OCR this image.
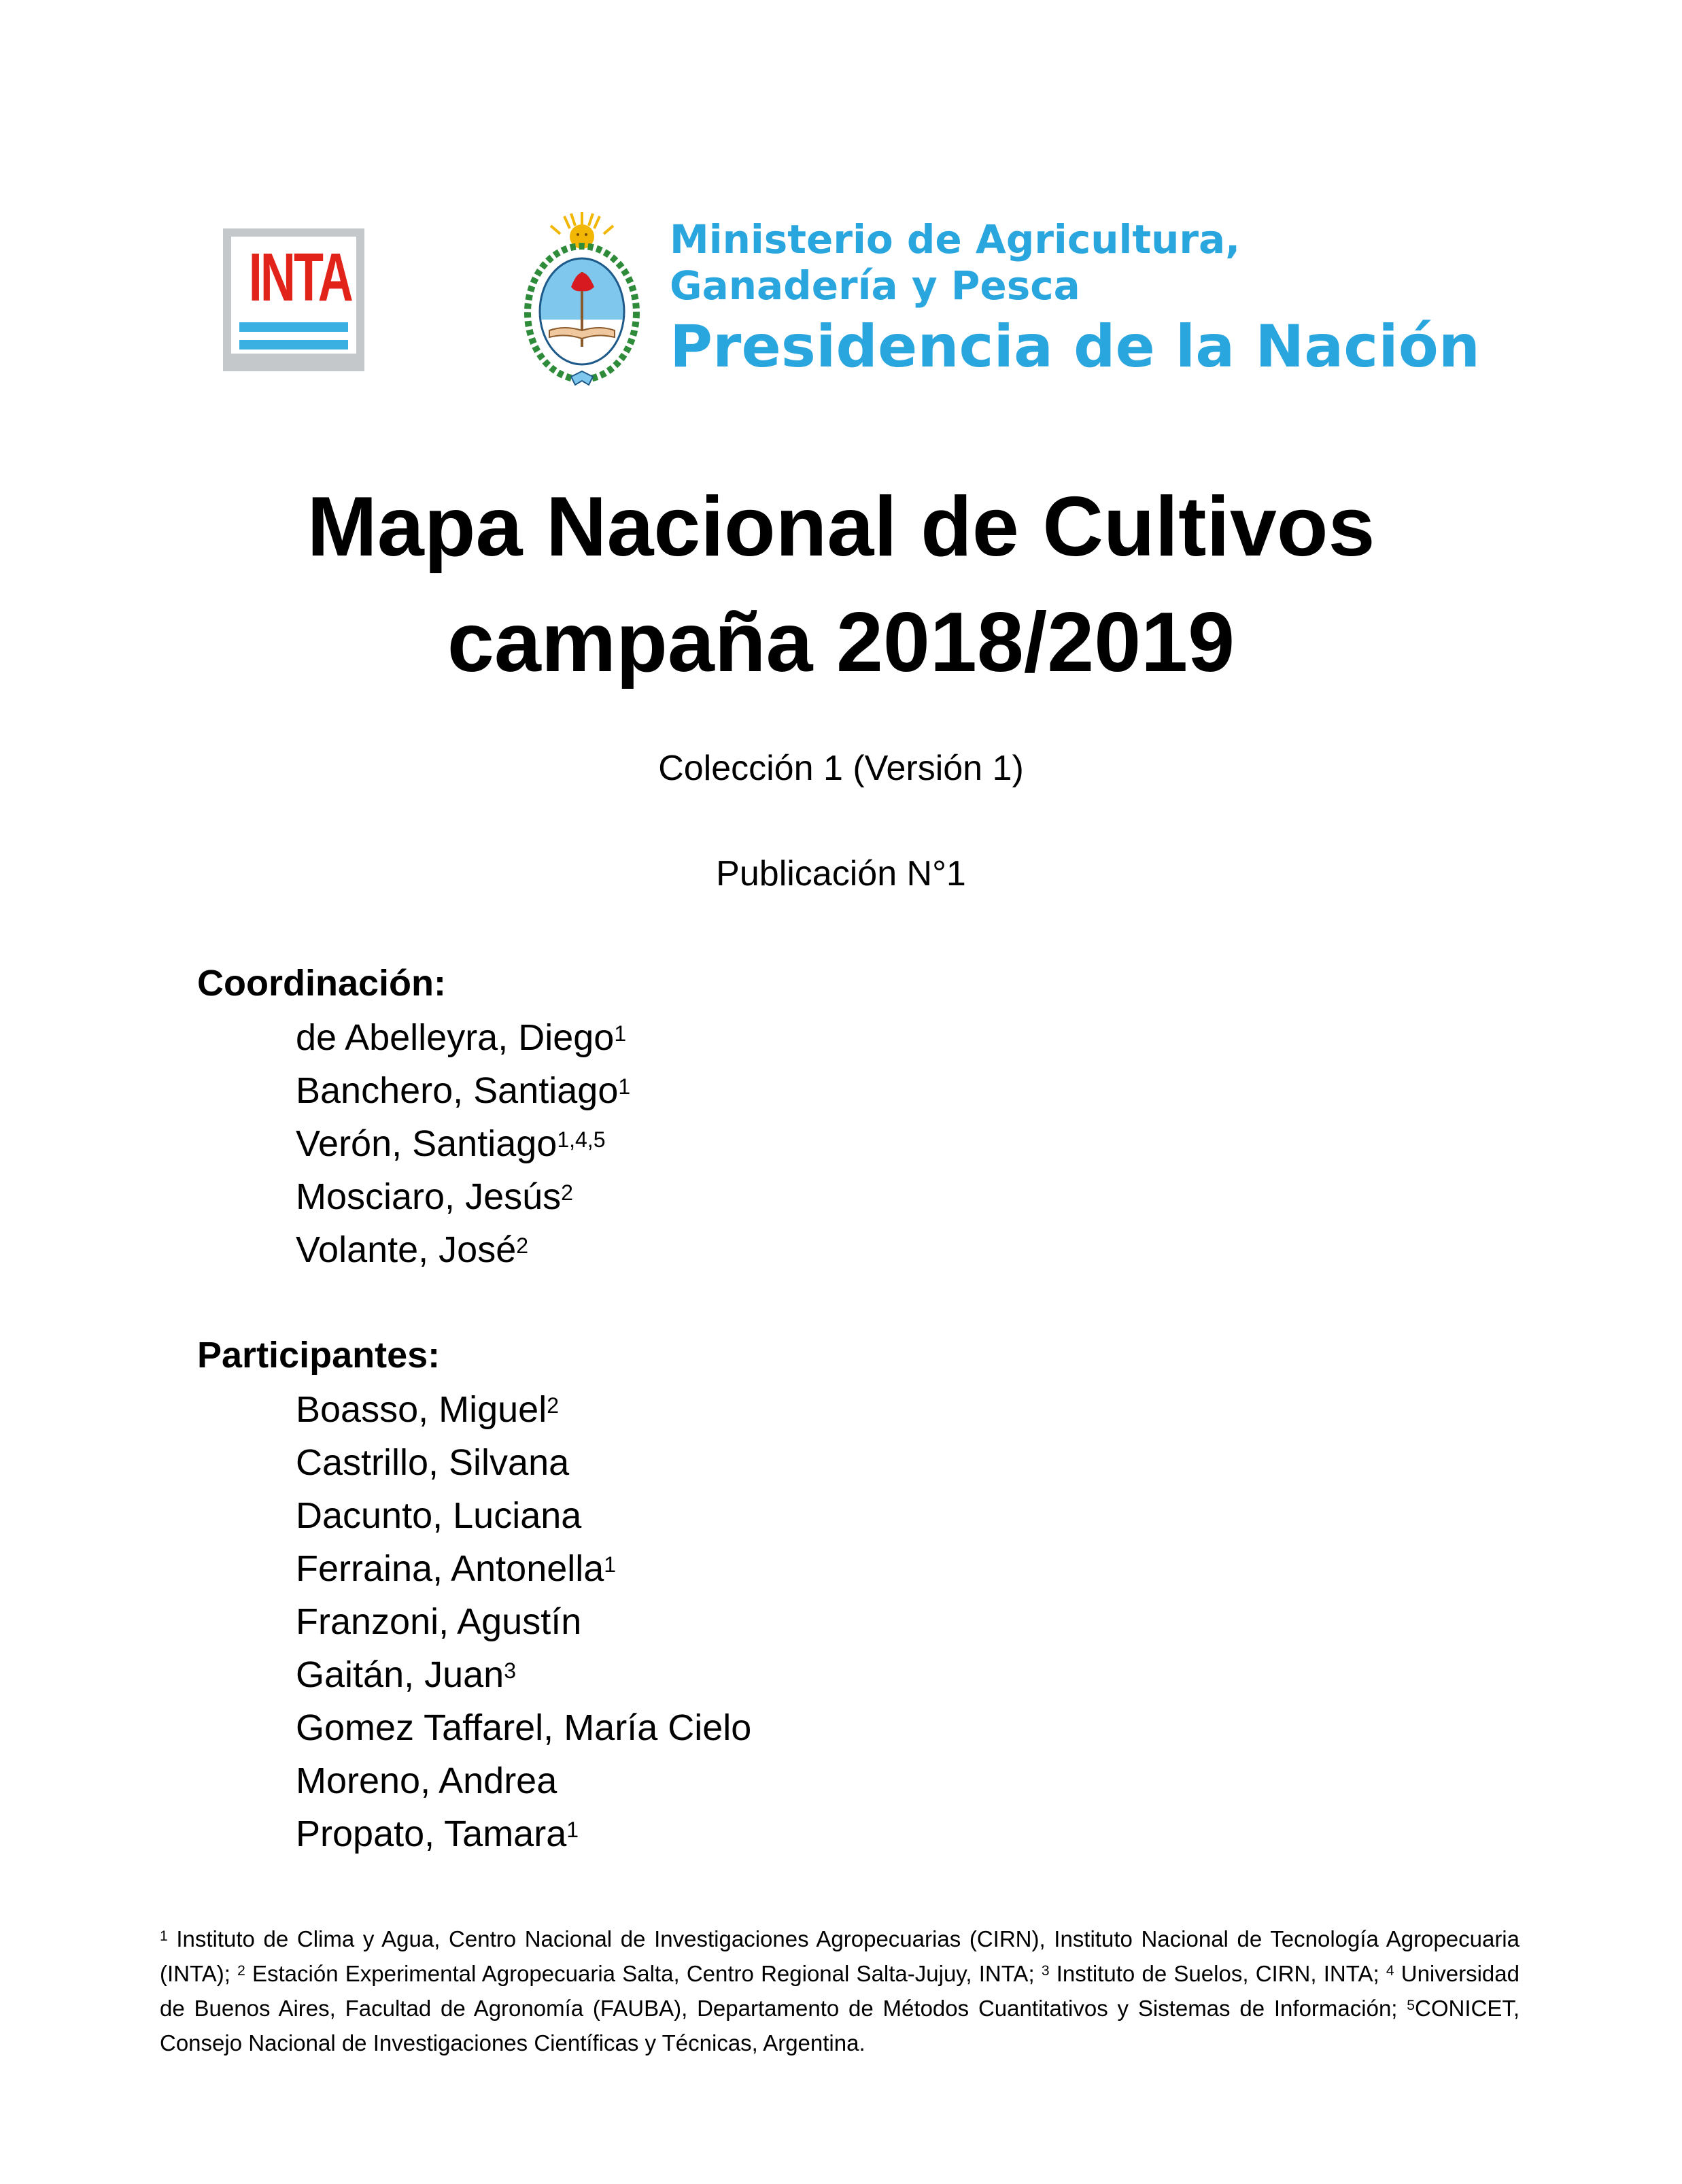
INTA	Ministerio de Agricultura,
Ganadería y Pesca
Presidencia de la Nación
Mapa Nacional de Cultivos
campaña 2018/2019
Colección 1 (Versión 1)
Publicación N°1
Coordinación:
de Abelleyra, Diego$^1$
Banchero, Santiago$^1$
Verón, Santiago$^{1,4,5}$
Mosciaro, Jesús$^2$
Volante, José$^2$
Participantes:
Boasso, Miguel$^2$
Castrillo, Silvana
Dacunto, Luciana
Ferraina, Antonella$^1$
Franzoni, Agustín
Gaitán, Juan$^3$
Gomez Taffarel, María Cielo
Moreno, Andrea
Propato, Tamara$^1$
$^1$ Instituto de Clima y Agua, Centro Nacional de Investigaciones Agropecuarias (CIRN), Instituto Nacional de Tecnología Agropecuaria (INTA); $^2$ Estación Experimental Agropecuaria Salta, Centro Regional Salta-Jujuy, INTA; $^3$ Instituto de Suelos, CIRN, INTA; $^4$ Universidad de Buenos Aires, Facultad de Agronomía (FAUBA), Departamento de Métodos Cuantitativos y Sistemas de Información; $^5$CONICET, Consejo Nacional de Investigaciones Científicas y Técnicas, Argentina.
